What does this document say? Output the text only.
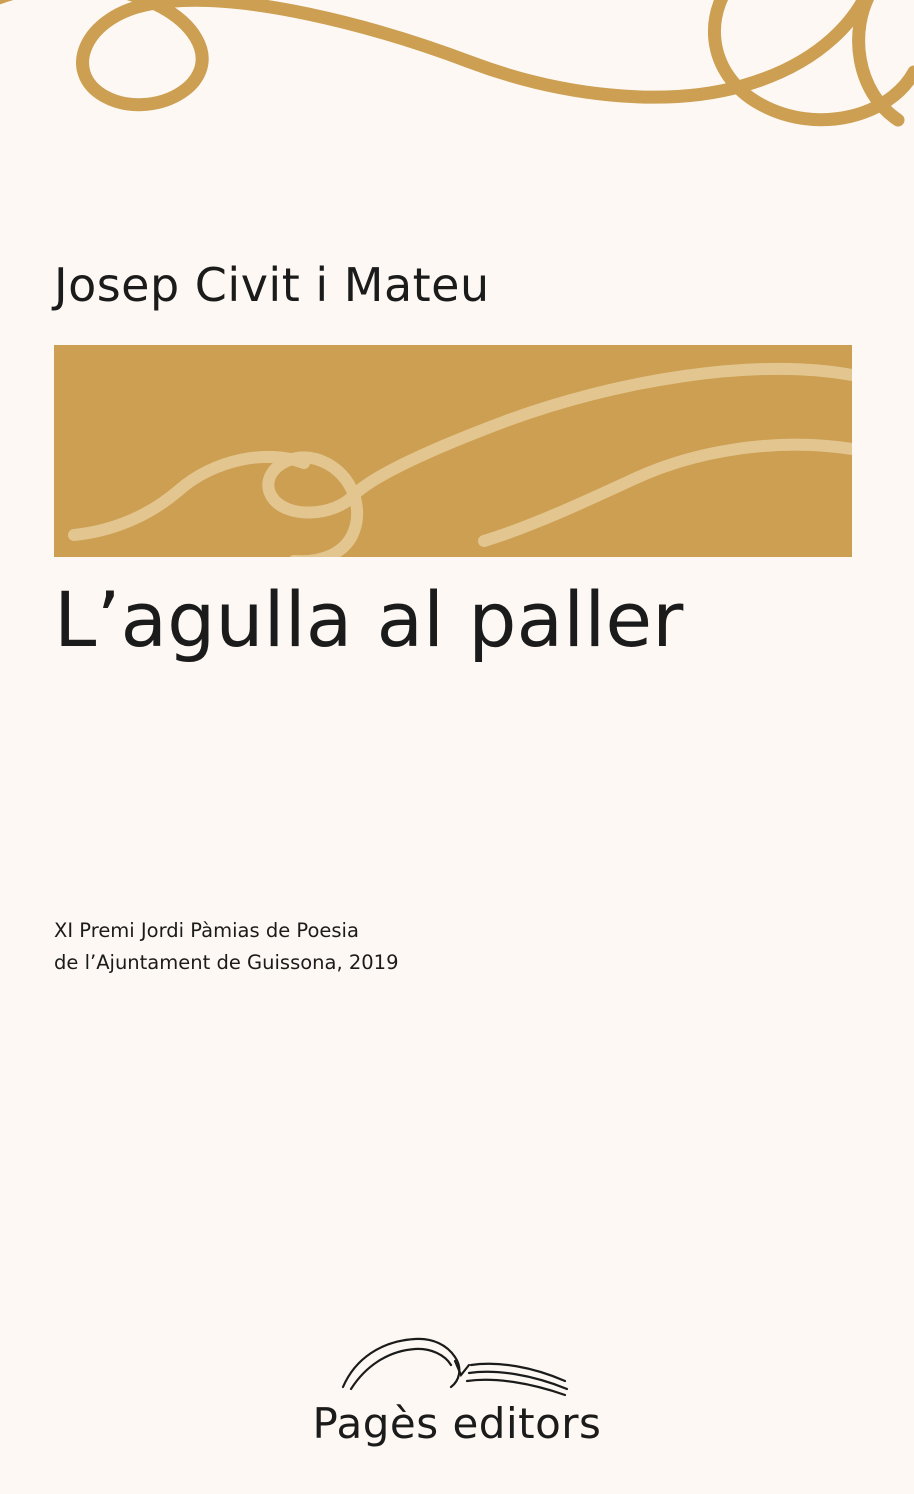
Josep Civit i Mateu
L’agulla al paller
XI Premi Jordi Pàmias de Poesia
de l’Ajuntament de Guissona, 2019
Pagès editors
